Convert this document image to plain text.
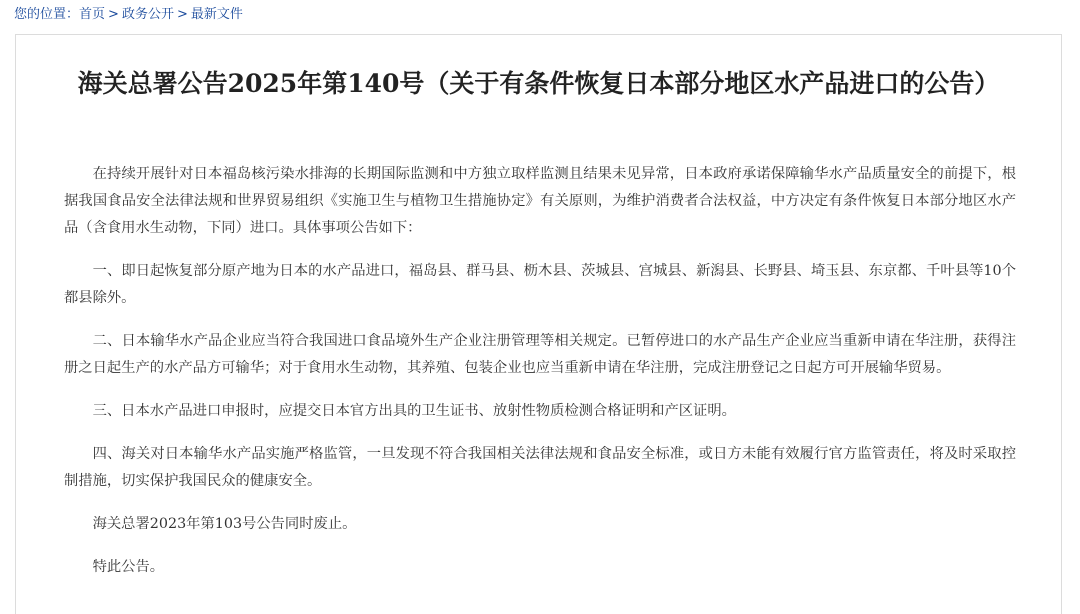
您的位置：首页 > 政务公开 > 最新文件
海关总署公告2025年第140号（关于有条件恢复日本部分地区水产品进口的公告）

在持续开展针对日本福岛核污染水排海的长期国际监测和中方独立取样监测且结果未见异常，日本政府承诺保障输华水产品质量安全的前提下，根据我国食品安全法律法规和世界贸易组织《实施卫生与植物卫生措施协定》有关原则，为维护消费者合法权益，中方决定有条件恢复日本部分地区水产品（含食用水生动物，下同）进口。具体事项公告如下：

一、即日起恢复部分原产地为日本的水产品进口，福岛县、群马县、枥木县、茨城县、宫城县、新潟县、长野县、埼玉县、东京都、千叶县等10个都县除外。

二、日本输华水产品企业应当符合我国进口食品境外生产企业注册管理等相关规定。已暂停进口的水产品生产企业应当重新申请在华注册，获得注册之日起生产的水产品方可输华；对于食用水生动物，其养殖、包装企业也应当重新申请在华注册，完成注册登记之日起方可开展输华贸易。

三、日本水产品进口申报时，应提交日本官方出具的卫生证书、放射性物质检测合格证明和产区证明。

四、海关对日本输华水产品实施严格监管，一旦发现不符合我国相关法律法规和食品安全标准，或日方未能有效履行官方监管责任，将及时采取控制措施，切实保护我国民众的健康安全。

海关总署2023年第103号公告同时废止。

特此公告。
